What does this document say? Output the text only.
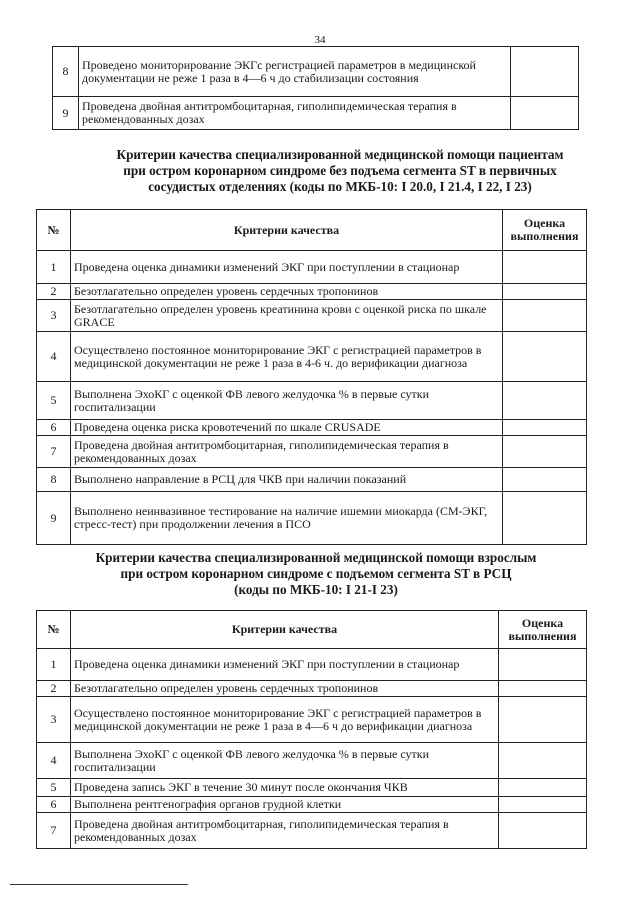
34
8	Проведено мониторирование ЭКГс регистрацией параметров в медицинской документации не реже 1 раза в 4—6 ч до стабилизации состояния	
9	Проведена двойная антитромбоцитарная, гиполипидемическая терапия в рекомендованных дозах	
Критерии качества специализированной медицинской помощи пациентам
при остром коронарном синдроме без подъема сегмента ST в первичных
сосудистых отделениях (коды по МКБ-10: I 20.0, I 21.4, I 22, I 23)
№	Критерии качества	Оценка выполнения
1	Проведена оценка динамики изменений ЭКГ при поступлении в стационар	
2	Безотлагательно определен уровень сердечных тропонинов	
3	Безотлагательно определен уровень креатинина крови с оценкой риска по шкале GRACE	
4	Осуществлено постоянное мониторирование ЭКГ с регистрацией параметров в медицинской документации не реже 1 раза в 4-6 ч. до верификации диагноза	
5	Выполнена ЭхоКГ с оценкой ФВ левого желудочка % в первые сутки госпитализации	
6	Проведена оценка риска кровотечений по шкале CRUSADE	
7	Проведена двойная антитромбоцитарная, гиполипидемическая терапия в рекомендованных дозах	
8	Выполнено направление в РСЦ для ЧКВ при наличии показаний	
9	Выполнено неинвазивное тестирование на наличие ишемии миокарда (СМ-ЭКГ, стресс-тест) при продолжении лечения в ПСО	
Критерии качества специализированной медицинской помощи взрослым
при остром коронарном синдроме с подъемом сегмента ST в РСЦ
(коды по МКБ-10: I 21-I 23)
№	Критерии качества	Оценка выполнения
1	Проведена оценка динамики изменений ЭКГ при поступлении в стационар	
2	Безотлагательно определен уровень сердечных тропонинов	
3	Осуществлено постоянное мониторирование ЭКГ с регистрацией параметров в медицинской документации не реже 1 раза в 4—6 ч до верификации диагноза	
4	Выполнена ЭхоКГ с оценкой ФВ левого желудочка % в первые сутки госпитализации	
5	Проведена запись ЭКГ в течение 30 минут после окончания ЧКВ	
6	Выполнена рентгенография органов грудной клетки	
7	Проведена двойная антитромбоцитарная, гиполипидемическая терапия в рекомендованных дозах	
